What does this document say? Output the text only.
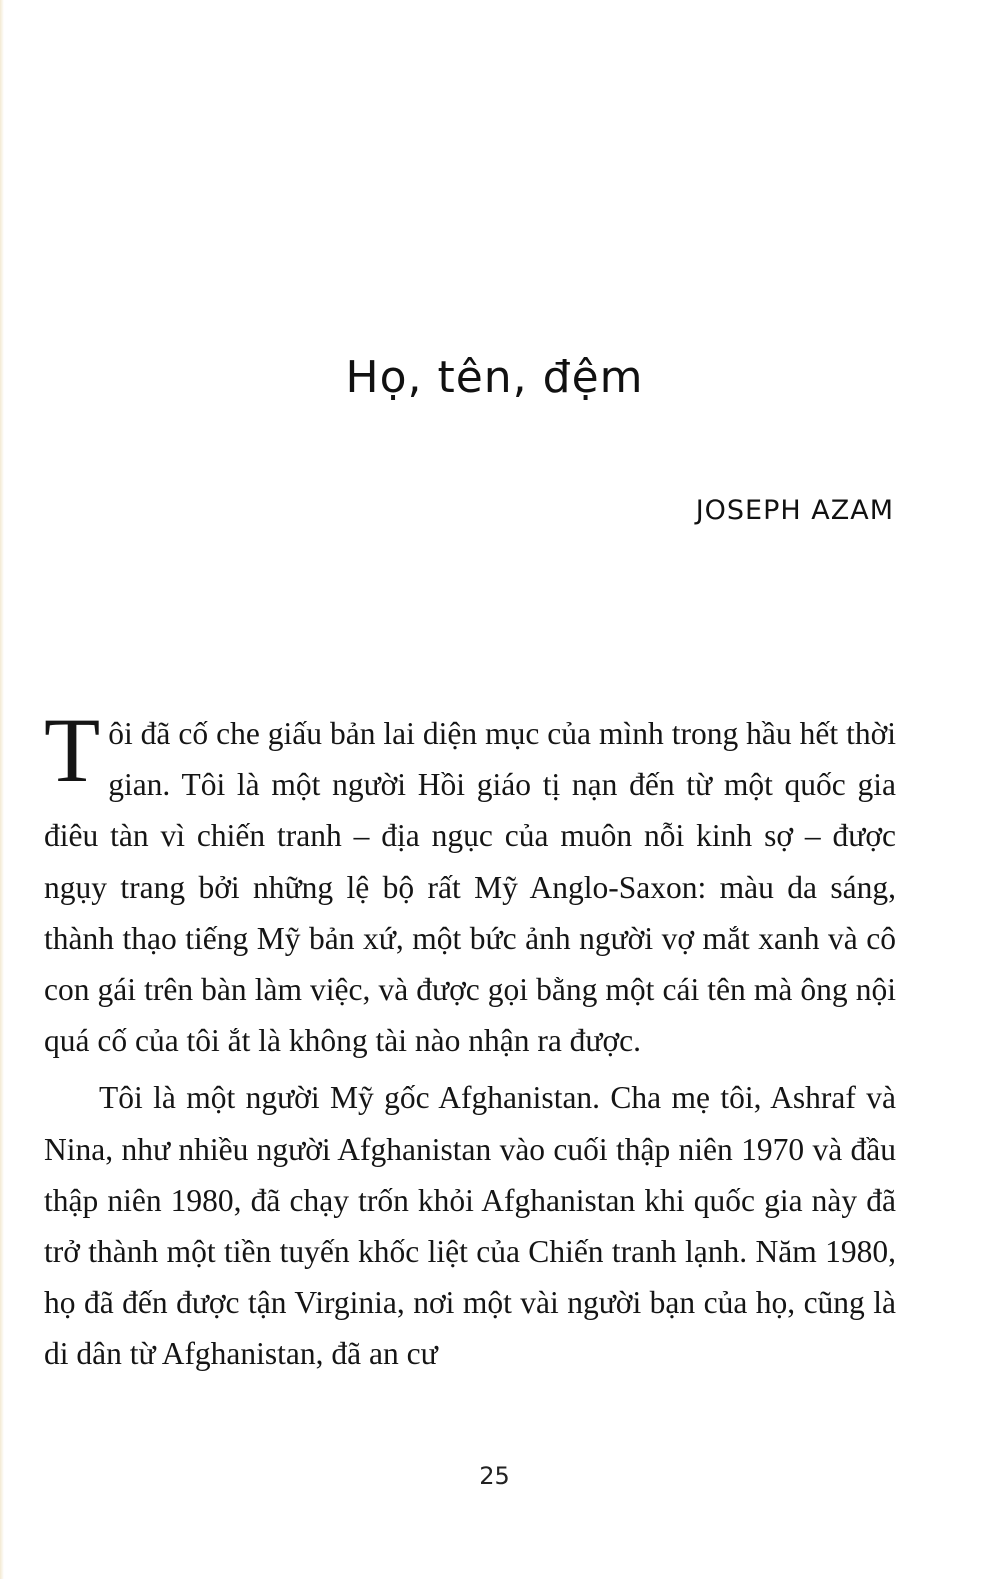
Họ, tên, đệm
JOSEPH AZAM

Tôi đã cố che giấu bản lai diện mục của mình trong hầu hết thời gian. Tôi là một người Hồi giáo tị nạn đến từ một quốc gia điêu tàn vì chiến tranh – địa ngục của muôn nỗi kinh sợ – được ngụy trang bởi những lệ bộ rất Mỹ Anglo-Saxon: màu da sáng, thành thạo tiếng Mỹ bản xứ, một bức ảnh người vợ mắt xanh và cô con gái trên bàn làm việc, và được gọi bằng một cái tên mà ông nội quá cố của tôi ắt là không tài nào nhận ra được.

Tôi là một người Mỹ gốc Afghanistan. Cha mẹ tôi, Ashraf và Nina, như nhiều người Afghanistan vào cuối thập niên 1970 và đầu thập niên 1980, đã chạy trốn khỏi Afghanistan khi quốc gia này đã trở thành một tiền tuyến khốc liệt của Chiến tranh lạnh. Năm 1980, họ đã đến được tận Virginia, nơi một vài người bạn của họ, cũng là di dân từ Afghanistan, đã an cư

25
